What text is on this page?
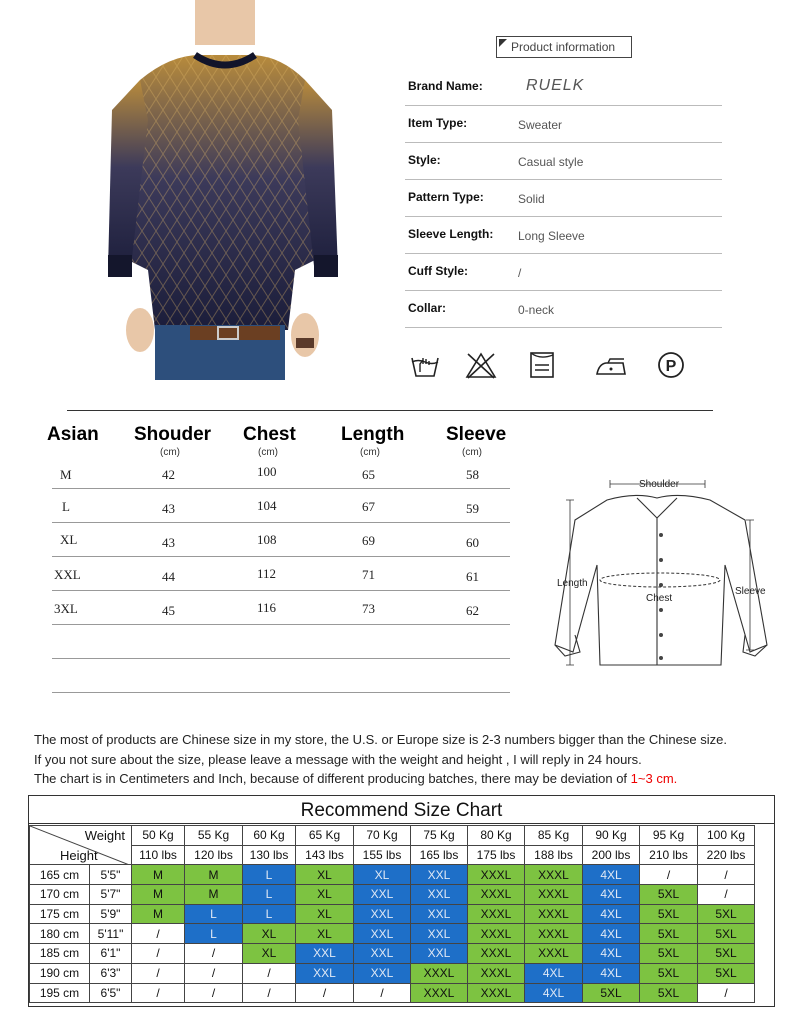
Product information
Brand Name:	RUELK
Item Type:	Sweater
Style:	Casual style
Pattern Type:	Solid
Sleeve Length: Long Sleeve
Cuff Style:	/
Collar:	0-neck
P
Asian Shouder Chest Length Sleeve
(cm)	(cm)	(cm)	(cm)
M	42	100	65	58
L	43	104	67	59
XL	43	108	69	60
XXL	44	112	71	61
3XL	45	116	73	62
Shoulder
Length
Chest
Sleeve
The most of products are Chinese size in my store, the U.S. or Europe size is 2-3 numbers bigger than the Chinese size.
If you not sure about the size, please leave a message with the weight and height , I will reply in 24 hours.
The chart is in Centimeters and Inch, because of different producing batches, there may be deviation of 1~3 cm.
Recommend Size Chart
Weight
Height		50 Kg	55 Kg	60 Kg	65 Kg	70 Kg	75 Kg	80 Kg	85 Kg	90 Kg	95 Kg	100 Kg
		110 lbs	120 lbs	130 lbs	143 lbs	155 lbs	165 lbs	175 lbs	188 lbs	200 lbs	210 lbs	220 lbs
165 cm	5'5"	M	M	L	XL	XL	XXL	XXXL	XXXL	4XL	/	/
170 cm	5'7"	M	M	L	XL	XXL	XXL	XXXL	XXXL	4XL	5XL	/
175 cm	5'9"	M	L	L	XL	XXL	XXL	XXXL	XXXL	4XL	5XL	5XL
180 cm	5'11"	/	L	XL	XL	XXL	XXL	XXXL	XXXL	4XL	5XL	5XL
185 cm	6'1"	/	/	XL	XXL	XXL	XXL	XXXL	XXXL	4XL	5XL	5XL
190 cm	6'3"	/	/	/	XXL	XXL	XXXL	XXXL	4XL	4XL	5XL	5XL
195 cm	6'5"	/	/	/	/	/	XXXL	XXXL	4XL	5XL	5XL	/
